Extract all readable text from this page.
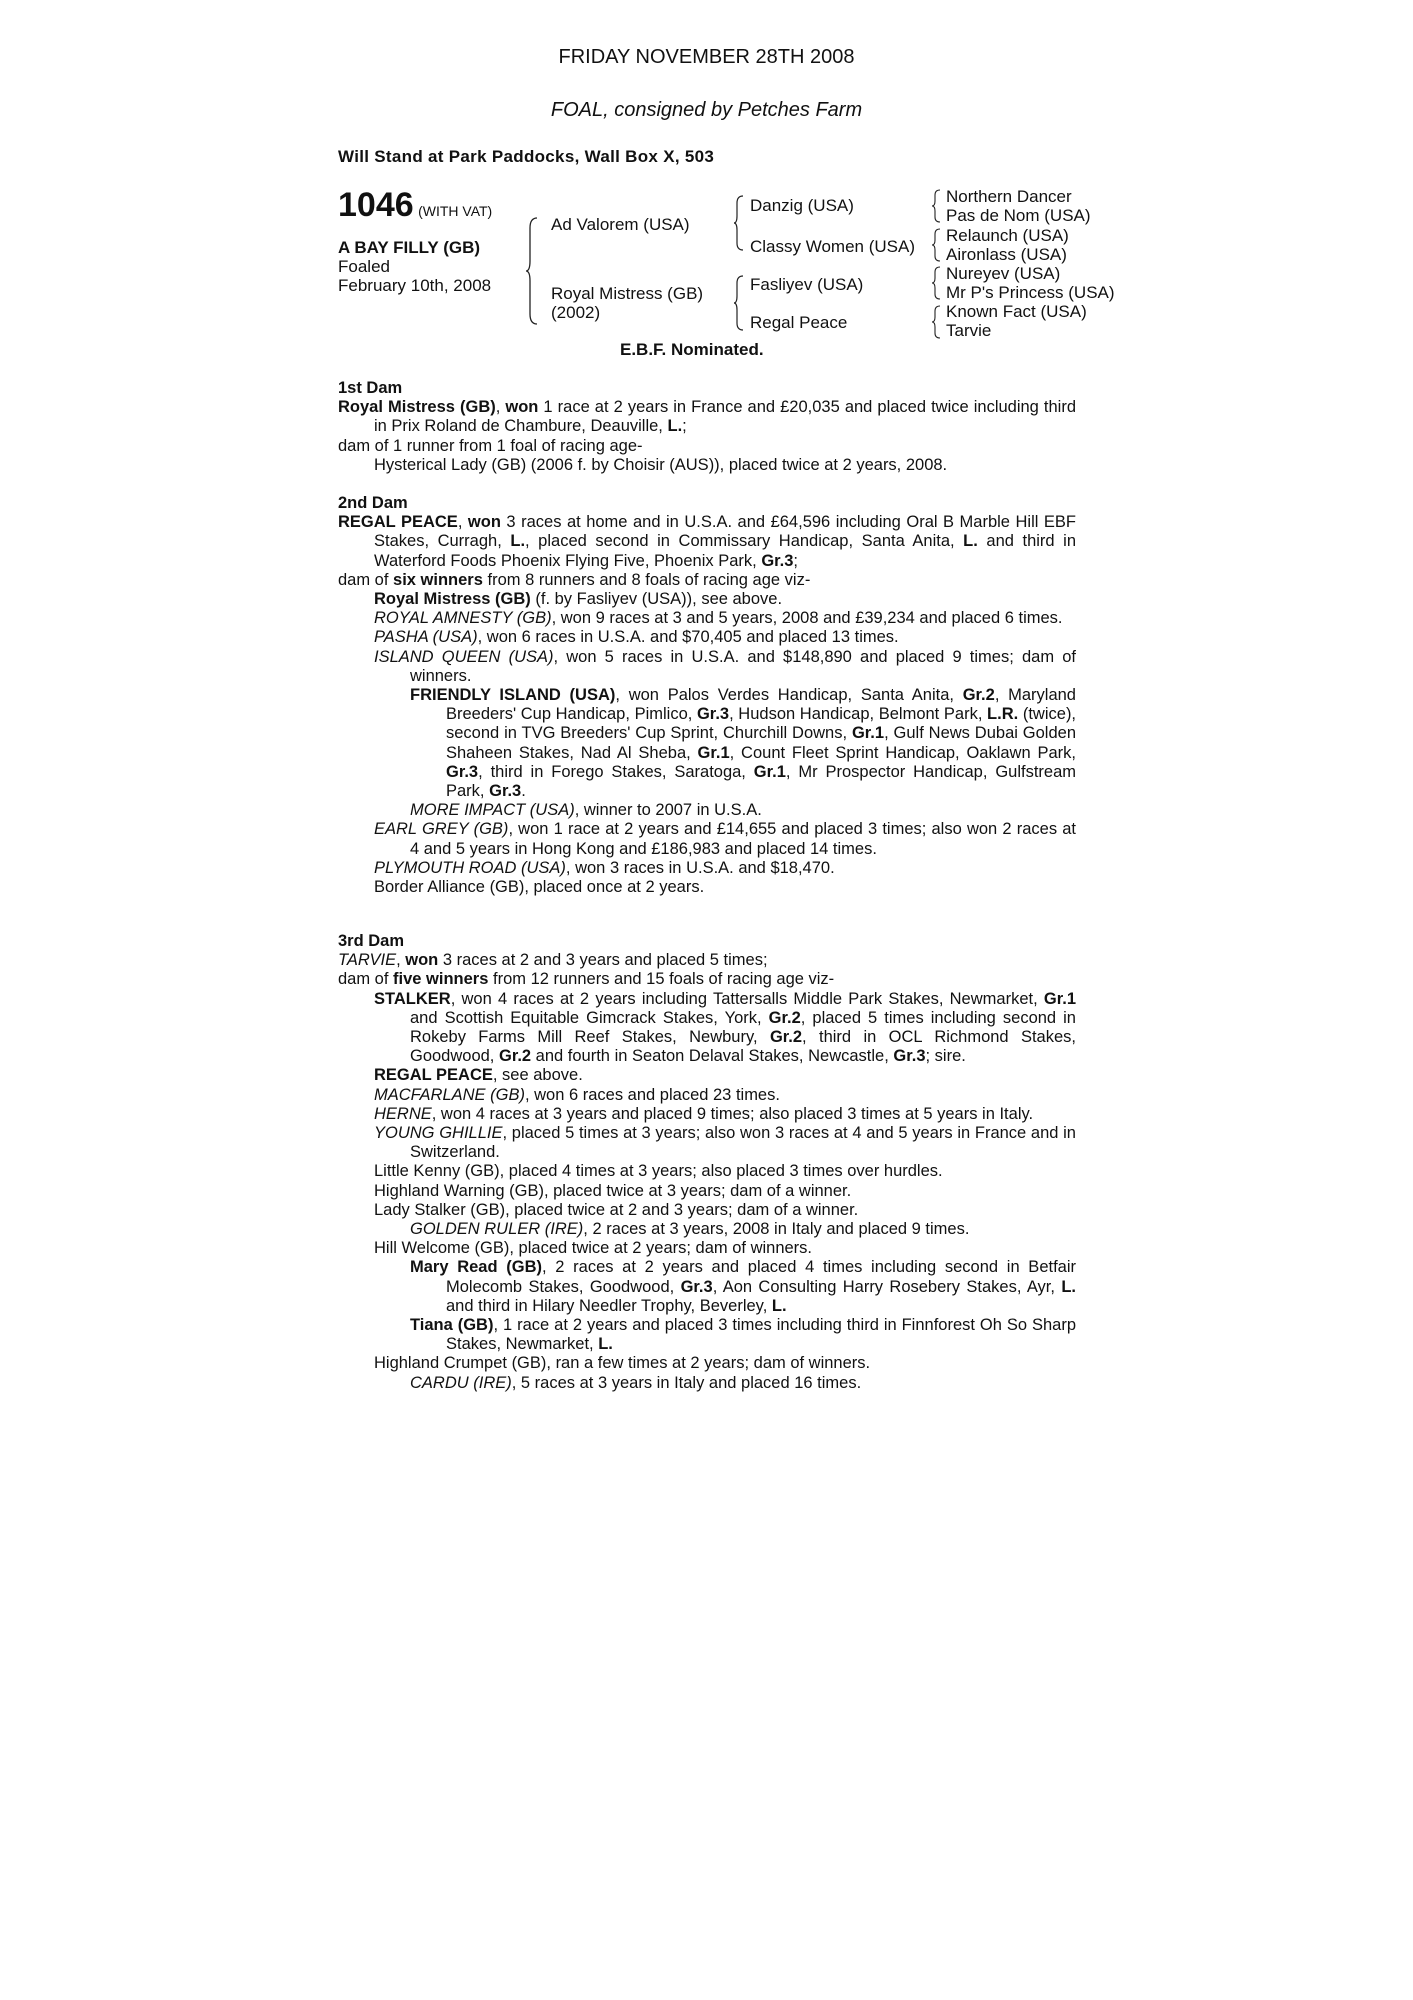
FRIDAY NOVEMBER 28TH 2008
FOAL, consigned by Petches Farm
Will Stand at Park Paddocks, Wall Box X, 503
1046 (WITH VAT)
A BAY FILLY (GB)
Foaled
February 10th, 2008
Ad Valorem (USA)
Royal Mistress (GB)
(2002)
Danzig (USA)
Classy Women (USA)
Fasliyev (USA)
Regal Peace
Northern Dancer
Pas de Nom (USA)
Relaunch (USA)
Aironlass (USA)
Nureyev (USA)
Mr P's Princess (USA)
Known Fact (USA)
Tarvie
E.B.F. Nominated.
1st Dam

Royal Mistress (GB), won 1 race at 2 years in France and £20,035 and placed twice including third in Prix Roland de Chambure, Deauville, L.;

dam of 1 runner from 1 foal of racing age-

Hysterical Lady (GB) (2006 f. by Choisir (AUS)), placed twice at 2 years, 2008.

2nd Dam

REGAL PEACE, won 3 races at home and in U.S.A. and £64,596 including Oral B Marble Hill EBF Stakes, Curragh, L., placed second in Commissary Handicap, Santa Anita, L. and third in Waterford Foods Phoenix Flying Five, Phoenix Park, Gr.3;

dam of six winners from 8 runners and 8 foals of racing age viz-

Royal Mistress (GB) (f. by Fasliyev (USA)), see above.

ROYAL AMNESTY (GB), won 9 races at 3 and 5 years, 2008 and £39,234 and placed 6 times.

PASHA (USA), won 6 races in U.S.A. and $70,405 and placed 13 times.

ISLAND QUEEN (USA), won 5 races in U.S.A. and $148,890 and placed 9 times; dam of winners.

FRIENDLY ISLAND (USA), won Palos Verdes Handicap, Santa Anita, Gr.2, Maryland Breeders' Cup Handicap, Pimlico, Gr.3, Hudson Handicap, Belmont Park, L.R. (twice), second in TVG Breeders' Cup Sprint, Churchill Downs, Gr.1, Gulf News Dubai Golden Shaheen Stakes, Nad Al Sheba, Gr.1, Count Fleet Sprint Handicap, Oaklawn Park, Gr.3, third in Forego Stakes, Saratoga, Gr.1, Mr Prospector Handicap, Gulfstream Park, Gr.3.

MORE IMPACT (USA), winner to 2007 in U.S.A.

EARL GREY (GB), won 1 race at 2 years and £14,655 and placed 3 times; also won 2 races at 4 and 5 years in Hong Kong and £186,983 and placed 14 times.

PLYMOUTH ROAD (USA), won 3 races in U.S.A. and $18,470.

Border Alliance (GB), placed once at 2 years.

3rd Dam

TARVIE, won 3 races at 2 and 3 years and placed 5 times;

dam of five winners from 12 runners and 15 foals of racing age viz-

STALKER, won 4 races at 2 years including Tattersalls Middle Park Stakes, Newmarket, Gr.1 and Scottish Equitable Gimcrack Stakes, York, Gr.2, placed 5 times including second in Rokeby Farms Mill Reef Stakes, Newbury, Gr.2, third in OCL Richmond Stakes, Goodwood, Gr.2 and fourth in Seaton Delaval Stakes, Newcastle, Gr.3; sire.

REGAL PEACE, see above.

MACFARLANE (GB), won 6 races and placed 23 times.

HERNE, won 4 races at 3 years and placed 9 times; also placed 3 times at 5 years in Italy.

YOUNG GHILLIE, placed 5 times at 3 years; also won 3 races at 4 and 5 years in France and in Switzerland.

Little Kenny (GB), placed 4 times at 3 years; also placed 3 times over hurdles.

Highland Warning (GB), placed twice at 3 years; dam of a winner.

Lady Stalker (GB), placed twice at 2 and 3 years; dam of a winner.

GOLDEN RULER (IRE), 2 races at 3 years, 2008 in Italy and placed 9 times.

Hill Welcome (GB), placed twice at 2 years; dam of winners.

Mary Read (GB), 2 races at 2 years and placed 4 times including second in Betfair Molecomb Stakes, Goodwood, Gr.3, Aon Consulting Harry Rosebery Stakes, Ayr, L. and third in Hilary Needler Trophy, Beverley, L.

Tiana (GB), 1 race at 2 years and placed 3 times including third in Finnforest Oh So Sharp Stakes, Newmarket, L.

Highland Crumpet (GB), ran a few times at 2 years; dam of winners.

CARDU (IRE), 5 races at 3 years in Italy and placed 16 times.
